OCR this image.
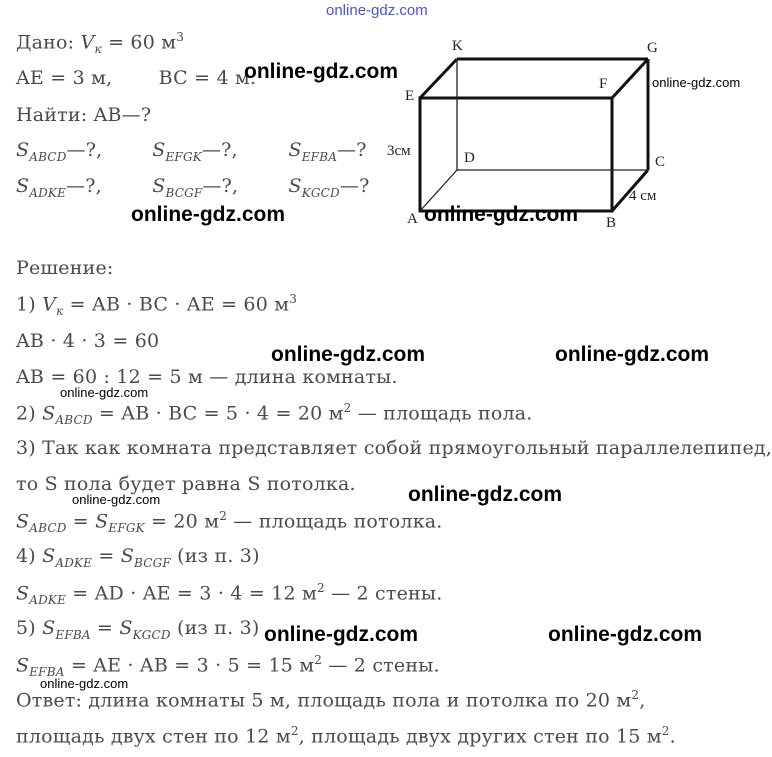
online-gdz.com
Дано: $V_к = 60$ $м^3$
AE = 3 м, BC = 4 м.
Найти: AB—?
$S_{ABCD}—$?,	$S_{EFGK}—$?,	$S_{EFBA}—$?
$S_{ADKE}—$?,	$S_{BCGF}—$?,	$S_{KGCD}—$?
K	G
E
F
D	C
A	B
3см
4 см
Решение:
1) $V_к$ = AB · BC · AE = 60 $м^3$
AB · 4 · 3 = 60
AB = 60 : 12 = 5 м — длина комнаты.
2) $S_{ABCD}$ = AB · BC = 5 · 4 = 20 $м^2$ — площадь пола.
3) Так как комната представляет собой прямоугольный параллелепипед,
то S пола будет равна S потолка.
$S_{ABCD} = S_{EFGK} = 20$ $м^2$ — площадь потолка.
4) $S_{ADKE} = S_{BCGF}$ (из п. 3)
$S_{ADKE}$ = AD · AE = 3 · 4 = 12 $м^2$ — 2 стены.
5) $S_{EFBA} = S_{KGCD}$ (из п. 3)
$S_{EFBA}$ = AE · AB = 3 · 5 = 15 $м^2$ — 2 стены.
Ответ: длина комнаты 5 м, площадь пола и потолка по 20 $м^2$,
площадь двух стен по 12 $м^2$, площадь двух других стен по 15 $м^2$.
online-gdz.com	online-gdz.com
online-gdz.com	online-gdz.com
online-gdz.com	online-gdz.com
online-gdz.com
online-gdz.com	online-gdz.com
online-gdz.com	online-gdz.com
online-gdz.com
